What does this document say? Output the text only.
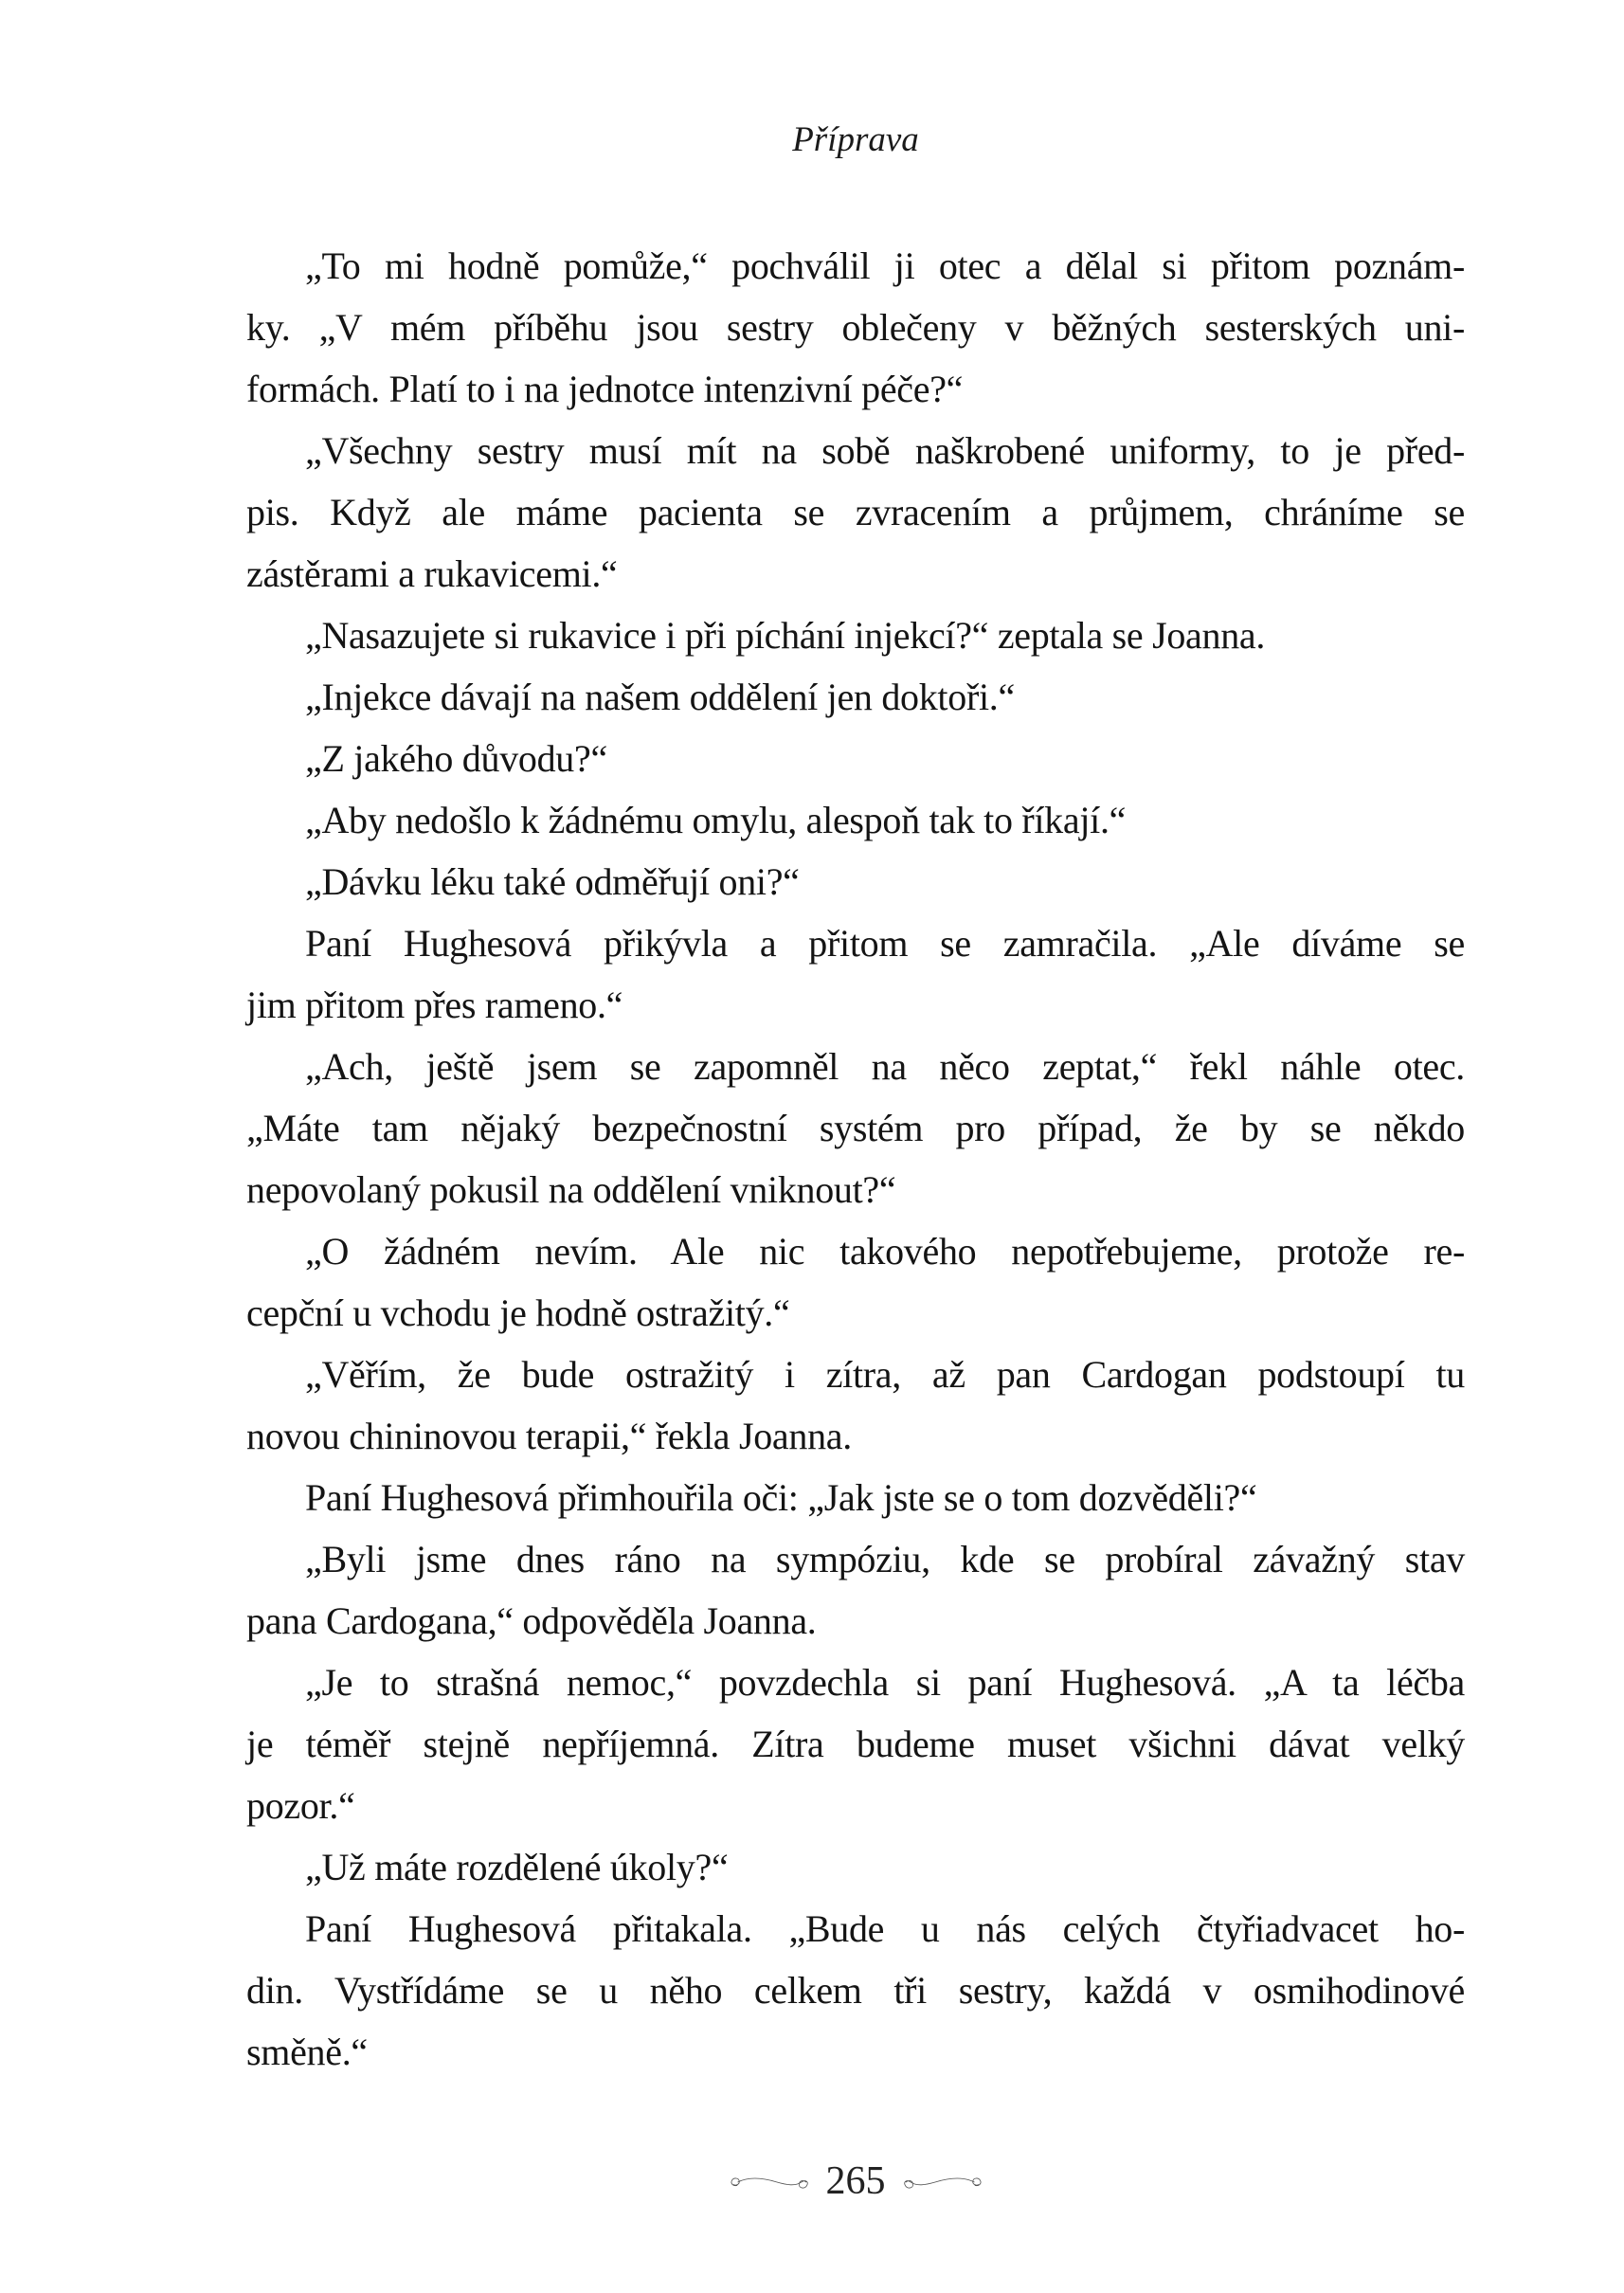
Příprava
„To mi hodně pomůže,“ pochválil ji otec a dělal si přitom poznám-
ky. „V mém příběhu jsou sestry oblečeny v běžných sesterských uni-
formách. Platí to i na jednotce intenzivní péče?“
„Všechny sestry musí mít na sobě naškrobené uniformy, to je před-
pis. Když ale máme pacienta se zvracením a průjmem, chráníme se
zástěrami a rukavicemi.“
„Nasazujete si rukavice i při píchání injekcí?“ zeptala se Joanna.
„Injekce dávají na našem oddělení jen doktoři.“
„Z jakého důvodu?“
„Aby nedošlo k žádnému omylu, alespoň tak to říkají.“
„Dávku léku také odměřují oni?“
Paní Hughesová přikývla a přitom se zamračila. „Ale díváme se
jim přitom přes rameno.“
„Ach, ještě jsem se zapomněl na něco zeptat,“ řekl náhle otec.
„Máte tam nějaký bezpečnostní systém pro případ, že by se někdo
nepovolaný pokusil na oddělení vniknout?“
„O žádném nevím. Ale nic takového nepotřebujeme, protože re-
cepční u vchodu je hodně ostražitý.“
„Věřím, že bude ostražitý i zítra, až pan Cardogan podstoupí tu
novou chininovou terapii,“ řekla Joanna.
Paní Hughesová přimhouřila oči: „Jak jste se o tom dozvěděli?“
„Byli jsme dnes ráno na sympóziu, kde se probíral závažný stav
pana Cardogana,“ odpověděla Joanna.
„Je to strašná nemoc,“ povzdechla si paní Hughesová. „A ta léčba
je téměř stejně nepříjemná. Zítra budeme muset všichni dávat velký
pozor.“
„Už máte rozdělené úkoly?“
Paní Hughesová přitakala. „Bude u nás celých čtyřiadvacet ho-
din. Vystřídáme se u něho celkem tři sestry, každá v osmihodinové
směně.“
265
